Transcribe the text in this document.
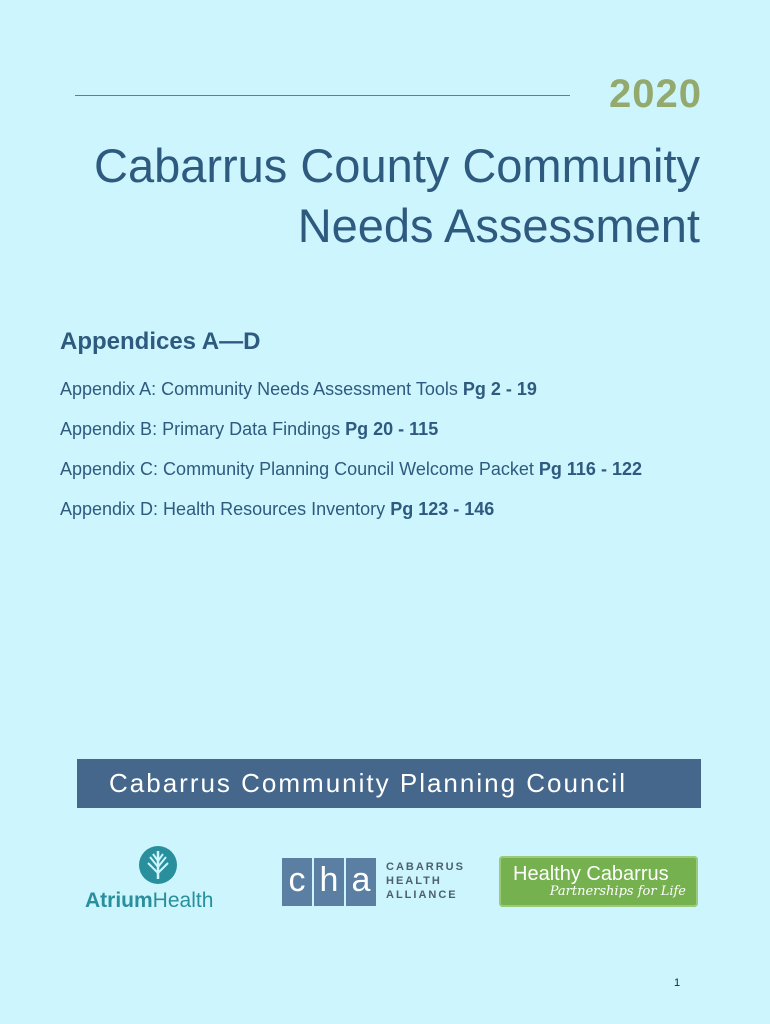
2020
Cabarrus County Community
Needs Assessment
Appendices A—D
Appendix A: Community Needs Assessment Tools Pg 2 - 19
Appendix B: Primary Data Findings Pg 20 - 115
Appendix C: Community Planning Council Welcome Packet Pg 116 - 122
Appendix D: Health Resources Inventory Pg 123 - 146
Cabarrus Community Planning Council
AtriumHealth
c h a	CABARRUS
HEALTH
ALLIANCE
Healthy Cabarrus
Partnerships for Life
1
